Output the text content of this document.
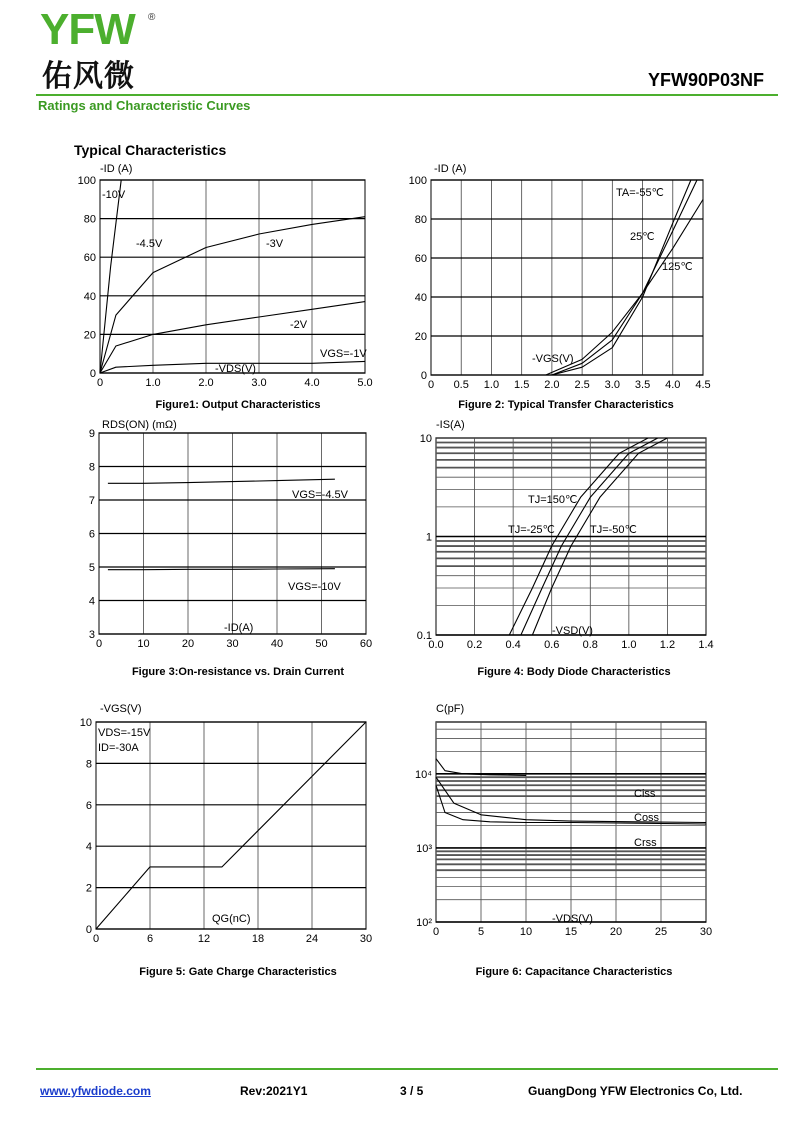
YFW ®
佑风微	YFW90P03NF
Ratings and Characteristic Curves
Typical Characteristics
0	1.0	2.0	3.0	4.0	5.0
0
20
40
60
80
100
-ID (A)
-VDS(V)
-10V
-4.5V	-3V
-2V
VGS=-1V
Figure1: Output Characteristics
0 0.5 1.0 1.5 2.0 2.5 3.0 3.5 4.0 4.5
0
20
40
60
80
100
-ID (A)
-VGS(V)
TA=-55℃
25℃
125℃
Figure 2: Typical Transfer Characteristics
0	10	20	30	40	50	60
3
4
5
6
7
8
9
RDS(ON) (mΩ)
-ID(A)
VGS=-4.5V
VGS=-10V
Figure 3:On-resistance vs. Drain Current
0.0 0.2 0.4 0.6 0.8 1.0 1.2 1.4
0.1
1
10
-IS(A)
-VSD(V)
TJ=150℃
TJ=-25℃	TJ=-50℃
Figure 4: Body Diode Characteristics
0	6	12	18	24	30
0
2
4
6
8
10
-VGS(V)
QG(nC)
VDS=-15V
ID=-30A
Figure 5: Gate Charge Characteristics
0	5	10	15	20	25	30
10²
10³
10⁴
C(pF)
-VDS(V)
Ciss
Coss
Crss
Figure 6: Capacitance Characteristics
www.yfwdiode.com	Rev:2021Y1	3 / 5	GuangDong YFW Electronics Co, Ltd.
